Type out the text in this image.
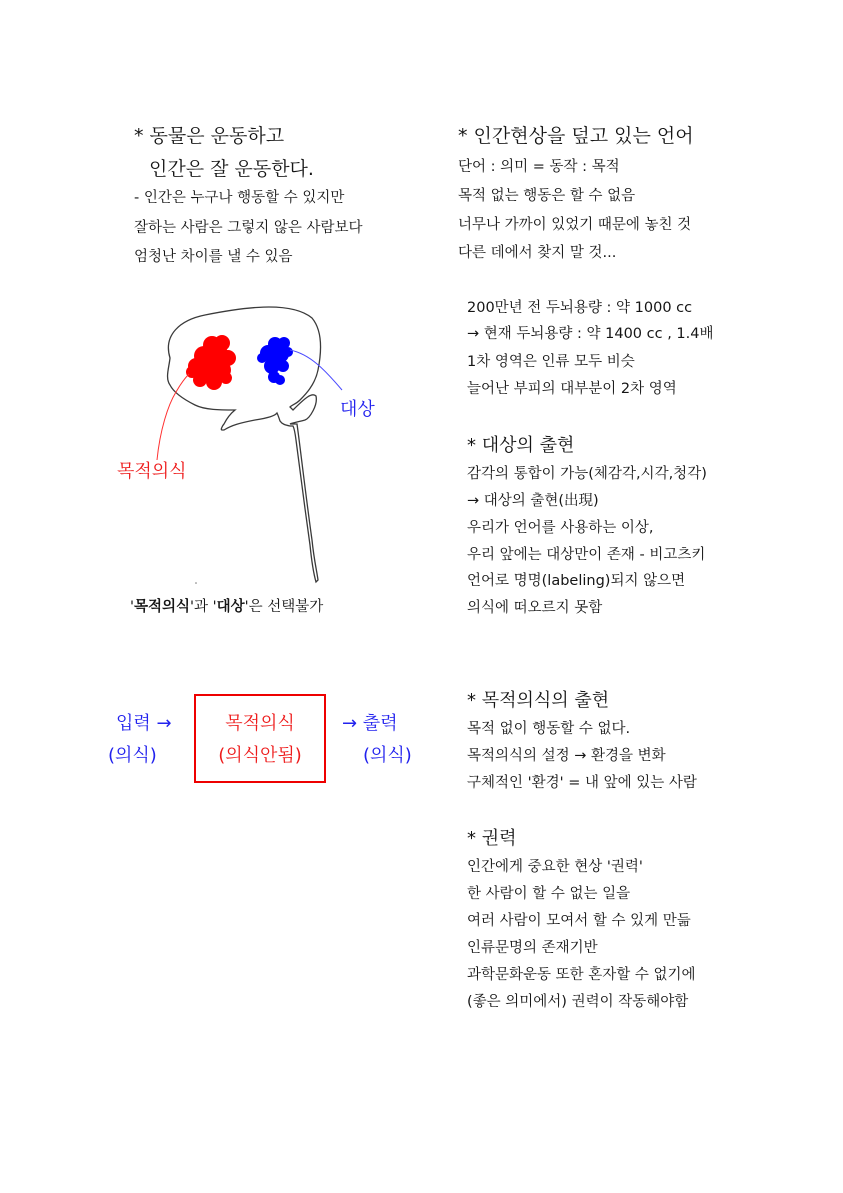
* 동물은 운동하고
인간은 잘 운동한다.
- 인간은 누구나 행동할 수 있지만
잘하는 사람은 그렇지 않은 사람보다
엄청난 차이를 낼 수 있음
대상
목적의식
'목적의식'과 '대상'은 선택불가
입력 →
(의식)
목적의식
(의식안됨)
→ 출력
(의식)
* 인간현상을 덮고 있는 언어
단어 : 의미 = 동작 : 목적
목적 없는 행동은 할 수 없음
너무나 가까이 있었기 때문에 놓친 것
다른 데에서 찾지 말 것...
200만년 전 두뇌용량 : 약 1000 cc
→ 현재 두뇌용량 : 약 1400 cc , 1.4배
1차 영역은 인류 모두 비슷
늘어난 부피의 대부분이 2차 영역
* 대상의 출현
감각의 통합이 가능(체감각,시각,청각)
→ 대상의 출현(出現)
우리가 언어를 사용하는 이상,
우리 앞에는 대상만이 존재 - 비고츠키
언어로 명명(labeling)되지 않으면
의식에 떠오르지 못함
* 목적의식의 출현
목적 없이 행동할 수 없다.
목적의식의 설정 → 환경을 변화
구체적인 '환경' = 내 앞에 있는 사람
* 권력
인간에게 중요한 현상 '권력'
한 사람이 할 수 없는 일을
여러 사람이 모여서 할 수 있게 만듦
인류문명의 존재기반
과학문화운동 또한 혼자할 수 없기에
(좋은 의미에서) 권력이 작동해야함
